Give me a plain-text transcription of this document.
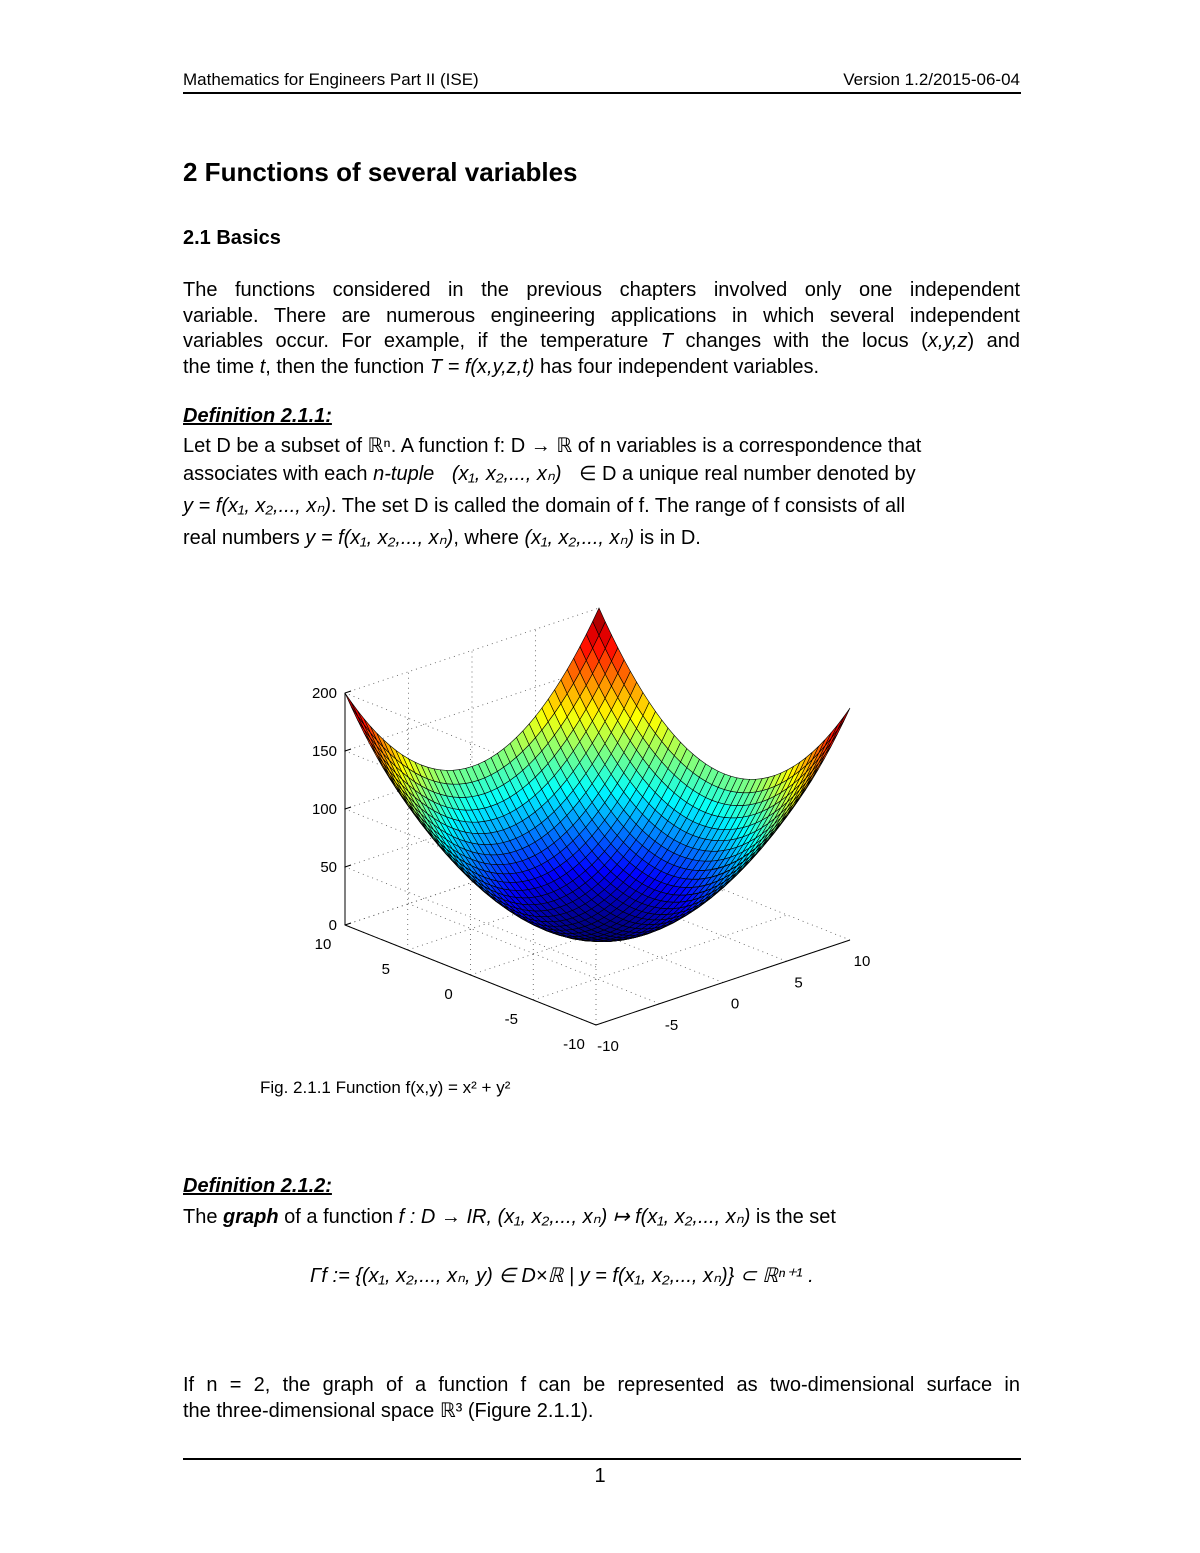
Mathematics for Engineers Part II (ISE)	Version 1.2/2015-06-04
2 Functions of several variables
2.1 Basics
The functions considered in the previous chapters involved only one independent
variable. There are numerous engineering applications in which several independent
variables occur. For example, if the temperature T changes with the locus (x,y,z) and
the time t, then the function T = f(x,y,z,t) has four independent variables.
Definition 2.1.1:
Let D be a subset of ℝⁿ. A function f: D → ℝ of n variables is a correspondence that
associates with each n-tuple (x₁, x₂,..., xₙ) ∈ D a unique real number denoted by
y = f(x₁, x₂,..., xₙ). The set D is called the domain of f. The range of f consists of all
real numbers y = f(x₁, x₂,..., xₙ), where (x₁, x₂,..., xₙ) is in D.
200
150
100
50
0
10
5
0
-5
-10 -10
-5
0
5
10
Fig. 2.1.1 Function f(x,y) = x² + y²
Definition 2.1.2:
The graph of a function f : D → IR, (x₁, x₂,..., xₙ) ↦ f(x₁, x₂,..., xₙ) is the set
Γf := {(x₁, x₂,..., xₙ, y) ∈ D×ℝ | y = f(x₁, x₂,..., xₙ)} ⊂ ℝⁿ⁺¹ .
If n = 2, the graph of a function f can be represented as two-dimensional surface in
the three-dimensional space ℝ³ (Figure 2.1.1).
1
